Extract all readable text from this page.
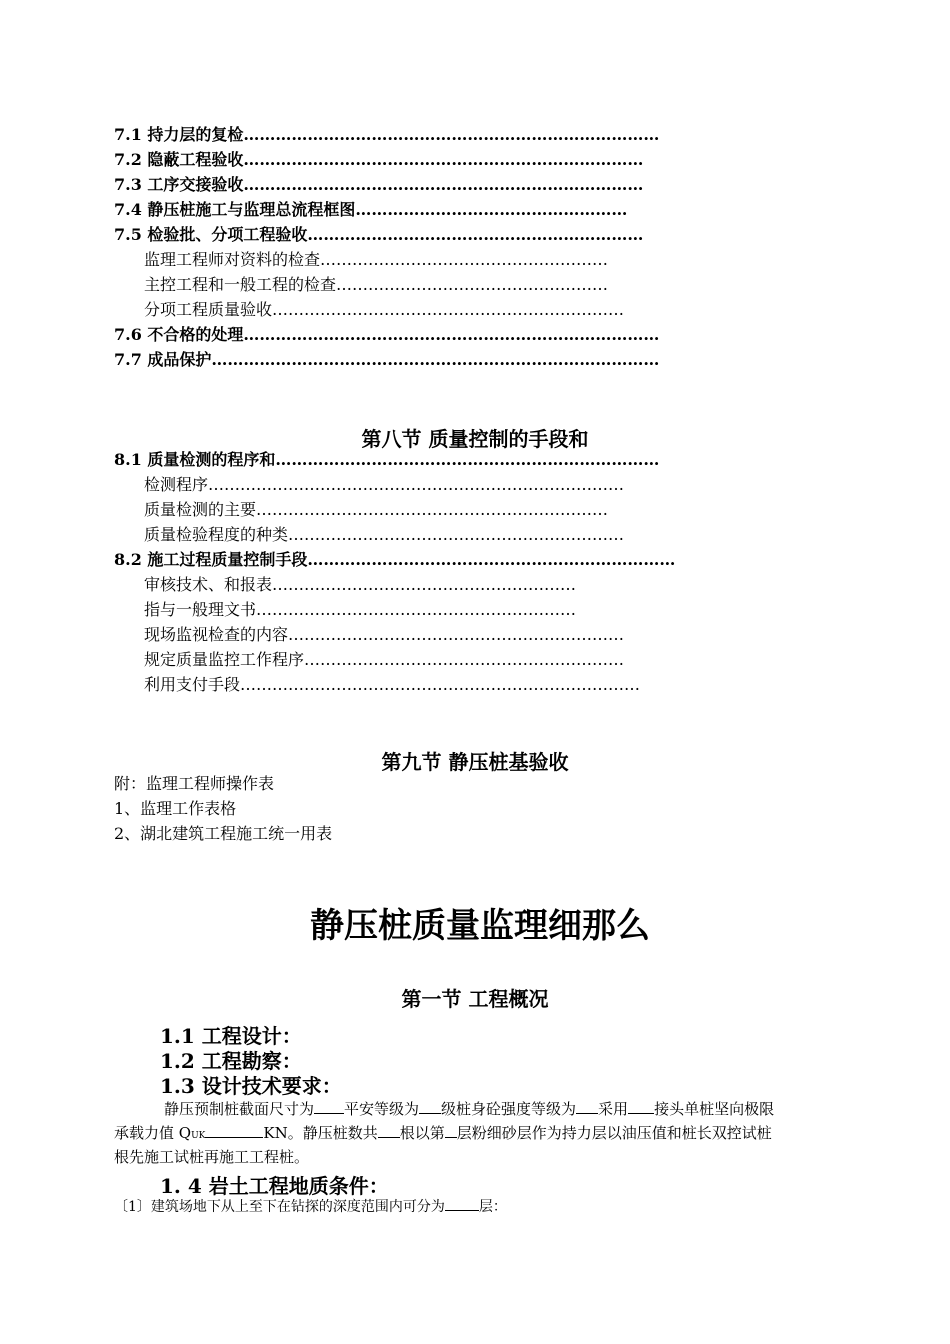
7.1 持力层的复检……………………………………………………………………
7.2 隐蔽工程验收…………………………………………………………………
7.3 工序交接验收…………………………………………………………………
7.4 静压桩施工与监理总流程框图……………………………………………
7.5 检验批、分项工程验收………………………………………………………
监理工程师对资料的检查………………………………………………
主控工程和一般工程的检查……………………………………………
分项工程质量验收…………………………………………………………
7.6 不合格的处理……………………………………………………………………
7.7 成品保护…………………………………………………………………………
第八节 质量控制的手段和
8.1 质量检测的程序和………………………………………………………………
检测程序……………………………………………………………………
质量检测的主要…………………………………………………………
质量检验程度的种类………………………………………………………
8.2 施工过程质量控制手段……………………………………………………………
审核技术、和报表…………………………………………………
指与一般理文书……………………………………………………
现场监视检查的内容………………………………………………………
规定质量监控工作程序……………………………………………………
利用支付手段…………………………………………………………………
第九节 静压桩基验收
附：监理工程师操作表
1、监理工作表格
2、湖北建筑工程施工统一用表
静压桩质量监理细那么
第一节 工程概况
1.1 工程设计：
1.2 工程勘察：
1.3 设计技术要求：
静压预制桩截面尺寸为 平安等级为 级桩身砼强度等级为 采用 接头单桩坚向极限
承载力值 QUK	KN。静压桩数共 根以第 层粉细砂层作为持力层以油压值和桩长双控试桩
根先施工试桩再施工工程桩。
1. 4 岩土工程地质条件：
〔1〕建筑场地下从上至下在钻探的深度范围内可分为 层：
